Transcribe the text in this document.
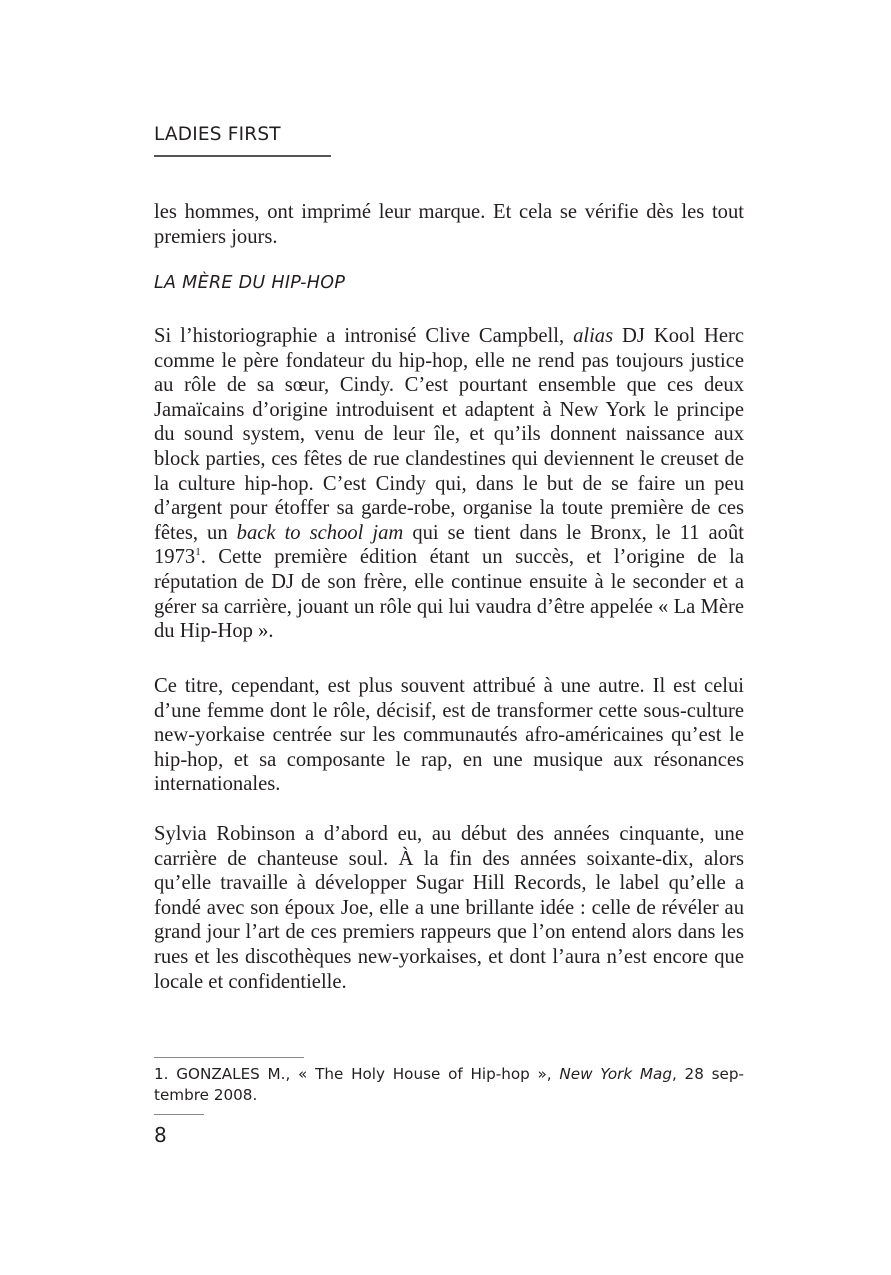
LADIES FIRST

les hommes, ont imprimé leur marque. Et cela se vérifie dès les tout premiers jours.

LA MÈRE DU HIP-HOP

Si l’historiographie a intronisé Clive Campbell, alias DJ Kool Herc comme le père fondateur du hip-hop, elle ne rend pas toujours justice au rôle de sa sœur, Cindy. C’est pourtant ensemble que ces deux Jamaïcains d’origine introduisent et adaptent à New York le principe du sound system, venu de leur île, et qu’ils donnent naissance aux block parties, ces fêtes de rue clandestines qui deviennent le creuset de la culture hip-hop. C’est Cindy qui, dans le but de se faire un peu d’argent pour étoffer sa garde-robe, organise la toute première de ces fêtes, un back to school jam qui se tient dans le Bronx, le 11 août 1973$^1$. Cette première édition étant un succès, et l’origine de la réputation de DJ de son frère, elle continue ensuite à le seconder et a gérer sa carrière, jouant un rôle qui lui vaudra d’être appelée « La Mère du Hip-Hop ».

Ce titre, cependant, est plus souvent attribué à une autre. Il est celui d’une femme dont le rôle, décisif, est de transformer cette sous-culture new-yorkaise centrée sur les communautés afro-américaines qu’est le hip-hop, et sa composante le rap, en une musique aux résonances internationales.

Sylvia Robinson a d’abord eu, au début des années cinquante, une carrière de chanteuse soul. À la fin des années soixante-dix, alors qu’elle travaille à développer Sugar Hill Records, le label qu’elle a fondé avec son époux Joe, elle a une brillante idée : celle de révéler au grand jour l’art de ces premiers rappeurs que l’on entend alors dans les rues et les discothèques new-yorkaises, et dont l’aura n’est encore que locale et confidentielle.

1. GONZALES M., « The Holy House of Hip-hop », New York Mag, 28 septembre 2008.
8
